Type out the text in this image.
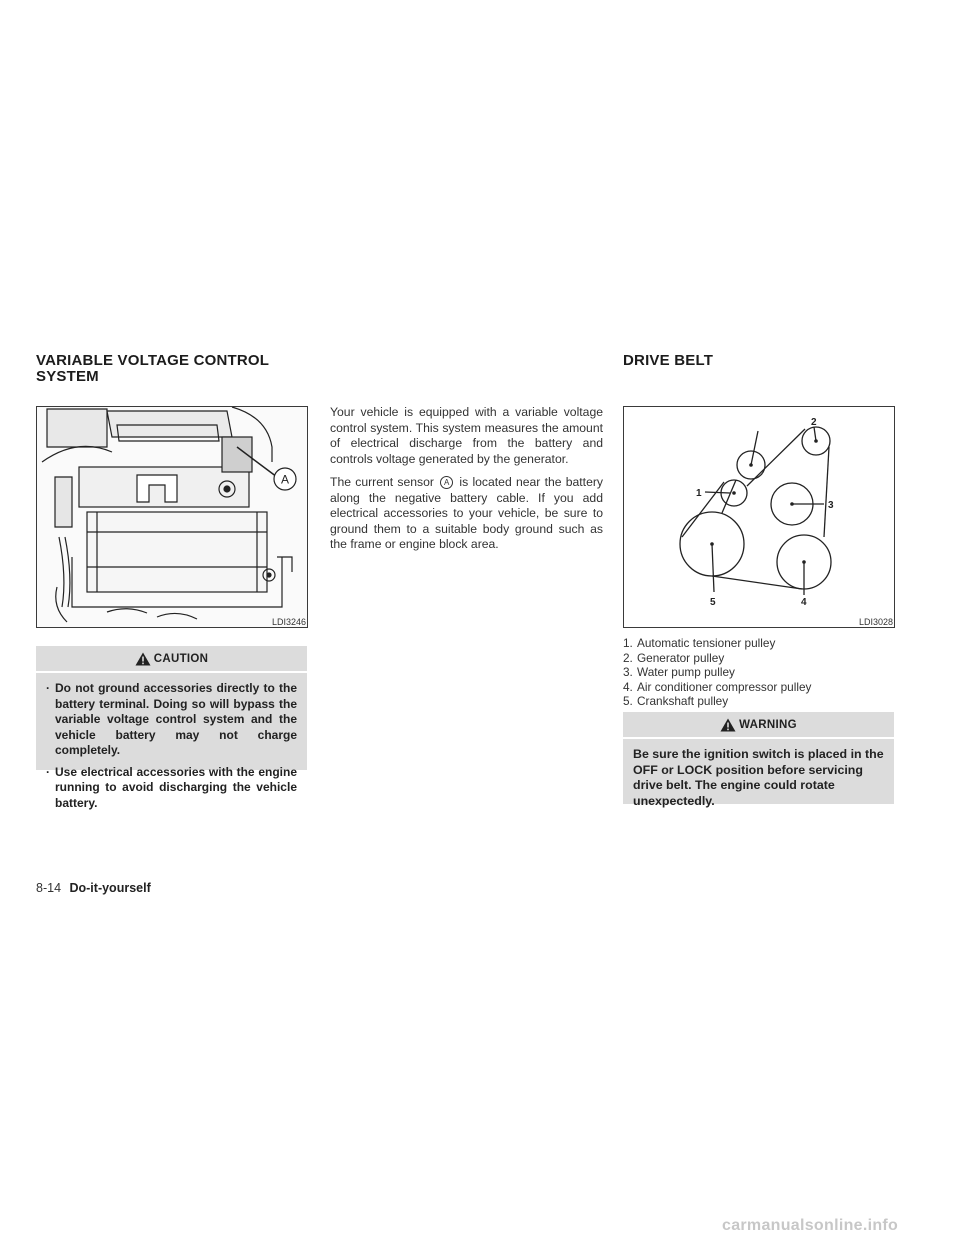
VARIABLE VOLTAGE CONTROL
SYSTEM
A
LDI3246
CAUTION
· Do not ground accessories directly to the battery terminal. Doing so will bypass the variable voltage control system and the vehicle battery may not charge completely.
· Use electrical accessories with the engine running to avoid discharging the vehicle battery.

Your vehicle is equipped with a variable voltage control system. This system measures the amount of electrical discharge from the battery and controls voltage generated by the generator.

The current sensor A is located near the battery along the negative battery cable. If you add electrical accessories to your vehicle, be sure to ground them to a suitable body ground such as the frame or engine block area.

DRIVE BELT
1
2
3
4
5
LDI3028
1. Automatic tensioner pulley
2. Generator pulley
3. Water pump pulley
4. Air conditioner compressor pulley
5. Crankshaft pulley
WARNING
Be sure the ignition switch is placed in the OFF or LOCK position before servicing drive belt. The engine could rotate unexpectedly.
8-14 Do-it-yourself
carmanualsonline.info
